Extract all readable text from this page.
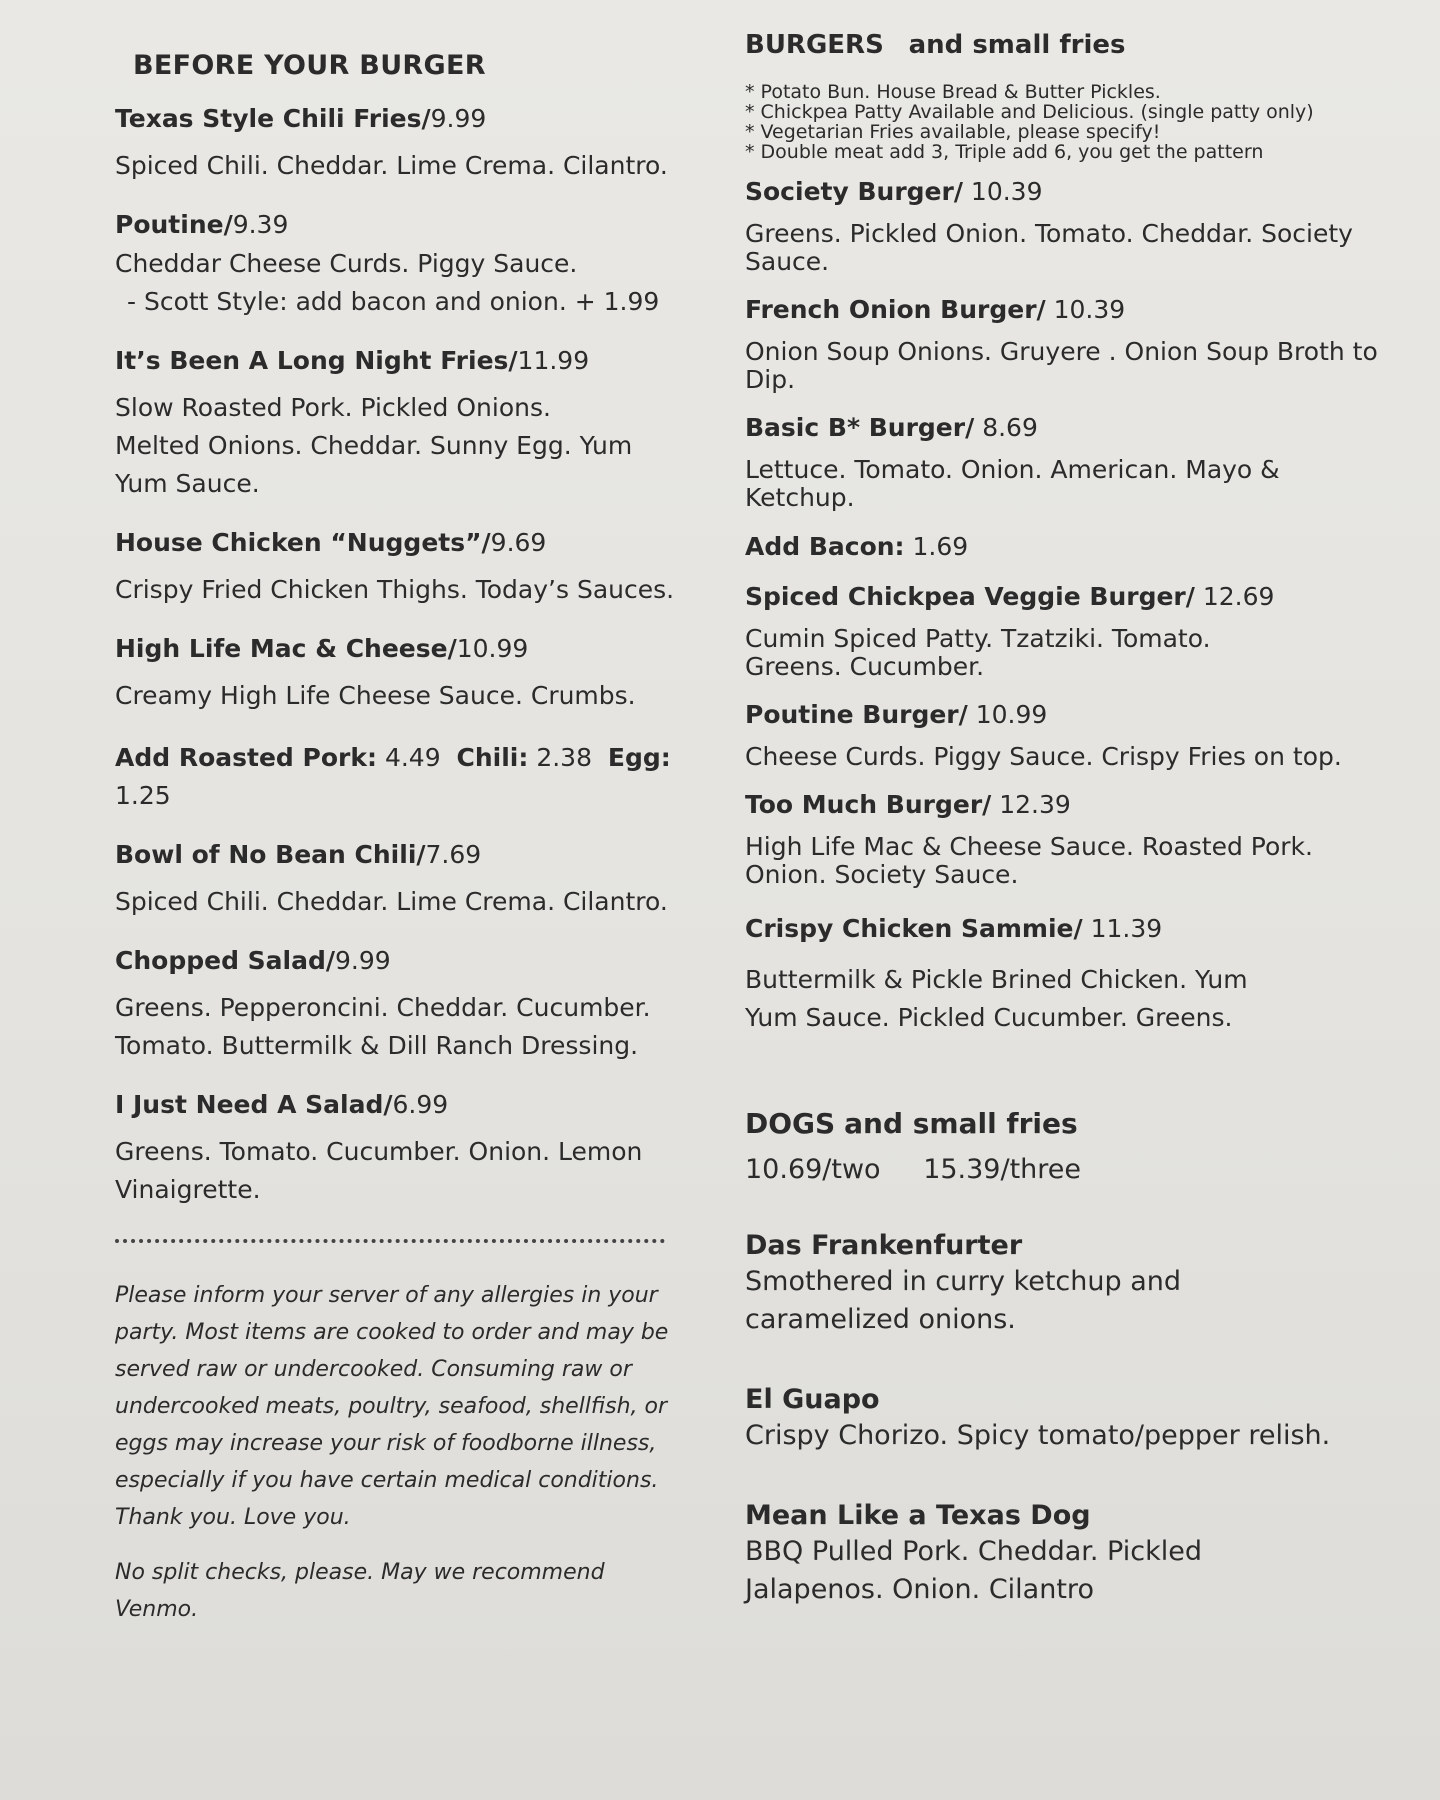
BEFORE YOUR BURGER
Texas Style Chili Fries/9.99
Spiced Chili. Cheddar. Lime Crema. Cilantro.
Poutine/9.39
Cheddar Cheese Curds. Piggy Sauce.
- Scott Style: add bacon and onion. + 1.99
It’s Been A Long Night Fries/11.99
Slow Roasted Pork. Pickled Onions. Melted Onions. Cheddar. Sunny Egg. Yum Yum Sauce.
House Chicken “Nuggets”/9.69
Crispy Fried Chicken Thighs. Today’s Sauces.
High Life Mac & Cheese/10.99
Creamy High Life Cheese Sauce. Crumbs.
Add Roasted Pork: 4.49 Chili: 2.38 Egg:
1.25
Bowl of No Bean Chili/7.69
Spiced Chili. Cheddar. Lime Crema. Cilantro.
Chopped Salad/9.99
Greens. Pepperoncini. Cheddar. Cucumber. Tomato. Buttermilk & Dill Ranch Dressing.
I Just Need A Salad/6.99
Greens. Tomato. Cucumber. Onion. Lemon Vinaigrette.

Please inform your server of any allergies in your party. Most items are cooked to order and may be served raw or undercooked. Consuming raw or undercooked meats, poultry, seafood, shellfish, or eggs may increase your risk of foodborne illness, especially if you have certain medical conditions. Thank you. Love you.

No split checks, please. May we recommend Venmo.

BURGERS and small fries
* Potato Bun. House Bread & Butter Pickles.
* Chickpea Patty Available and Delicious. (single patty only)
* Vegetarian Fries available, please specify!
* Double meat add 3, Triple add 6, you get the pattern
Society Burger/ 10.39
Greens. Pickled Onion. Tomato. Cheddar. Society Sauce.
French Onion Burger/ 10.39
Onion Soup Onions. Gruyere . Onion Soup Broth to Dip.
Basic B* Burger/ 8.69
Lettuce. Tomato. Onion. American. Mayo & Ketchup.
Add Bacon: 1.69
Spiced Chickpea Veggie Burger/ 12.69
Cumin Spiced Patty. Tzatziki. Tomato. Greens. Cucumber.
Poutine Burger/ 10.99
Cheese Curds. Piggy Sauce. Crispy Fries on top.
Too Much Burger/ 12.39
High Life Mac & Cheese Sauce. Roasted Pork. Onion. Society Sauce.
Crispy Chicken Sammie/ 11.39
Buttermilk & Pickle Brined Chicken. Yum Yum Sauce. Pickled Cucumber. Greens.
DOGS and small fries
10.69/two 15.39/three
Das Frankenfurter
Smothered in curry ketchup and caramelized onions.
El Guapo
Crispy Chorizo. Spicy tomato/pepper relish.
Mean Like a Texas Dog
BBQ Pulled Pork. Cheddar. Pickled Jalapenos. Onion. Cilantro
